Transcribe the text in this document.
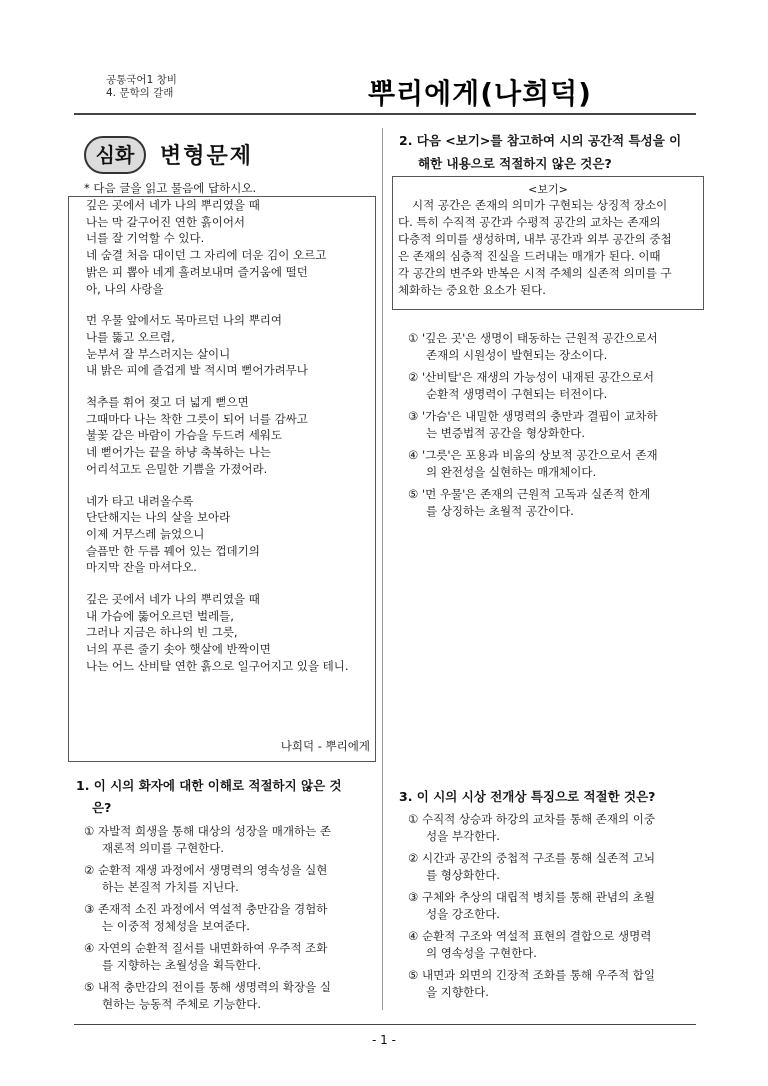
공통국어1 창비
4. 문학의 갈래	뿌리에게(나희덕)
심화	변형문제
* 다음 글을 읽고 물음에 답하시오.
깊은 곳에서 네가 나의 뿌리였을 때
나는 막 갈구어진 연한 흙이어서
너를 잘 기억할 수 있다.
네 숨결 처음 대이던 그 자리에 더운 김이 오르고
밝은 피 뽑아 네게 흘려보내며 즐거움에 떨던
아, 나의 사랑을
먼 우물 앞에서도 목마르던 나의 뿌리여
나를 뚫고 오르렴,
눈부셔 잘 부스러지는 살이니
내 밝은 피에 즐겁게 발 적시며 뻗어가려무나
척추를 휘어 젖고 더 넓게 뻗으면
그때마다 나는 착한 그릇이 되어 너를 감싸고
불꽃 같은 바람이 가슴을 두드려 세워도
네 뻗어가는 끝을 하냥 축복하는 나는
어리석고도 은밀한 기쁨을 가졌어라.
네가 타고 내려올수록
단단해지는 나의 살을 보아라
이제 거무스레 늙었으니
슬픔만 한 두름 꿰어 있는 껍데기의
마지막 잔을 마셔다오.
깊은 곳에서 네가 나의 뿌리였을 때
내 가슴에 뚫어오르던 벌레들,
그러나 지금은 하나의 빈 그릇,
너의 푸른 줄기 솟아 햇살에 반짝이면
나는 어느 산비탈 연한 흙으로 일구어지고 있을 테니.
나희덕 - 뿌리에게
1. 이 시의 화자에 대한 이해로 적절하지 않은 것
은?
① 자발적 희생을 통해 대상의 성장을 매개하는 존
재론적 의미를 구현한다.
② 순환적 재생 과정에서 생명력의 영속성을 실현
하는 본질적 가치를 지닌다.
③ 존재적 소진 과정에서 역설적 충만감을 경험하
는 이중적 정체성을 보여준다.
④ 자연의 순환적 질서를 내면화하여 우주적 조화
를 지향하는 초월성을 획득한다.
⑤ 내적 충만감의 전이를 통해 생명력의 확장을 실
현하는 능동적 주체로 기능한다.
2. 다음 <보기>를 참고하여 시의 공간적 특성을 이
해한 내용으로 적절하지 않은 것은?
<보기>
시적 공간은 존재의 의미가 구현되는 상징적 장소이
다. 특히 수직적 공간과 수평적 공간의 교차는 존재의
다층적 의미를 생성하며, 내부 공간과 외부 공간의 중첩
은 존재의 심층적 진실을 드러내는 매개가 된다. 이때
각 공간의 변주와 반복은 시적 주체의 실존적 의미를 구
체화하는 중요한 요소가 된다.
① '깊은 곳'은 생명이 태동하는 근원적 공간으로서
존재의 시원성이 발현되는 장소이다.
② '산비탈'은 재생의 가능성이 내재된 공간으로서
순환적 생명력이 구현되는 터전이다.
③ '가슴'은 내밀한 생명력의 충만과 결핍이 교차하
는 변증법적 공간을 형상화한다.
④ '그릇'은 포용과 비움의 상보적 공간으로서 존재
의 완전성을 실현하는 매개체이다.
⑤ '먼 우물'은 존재의 근원적 고독과 실존적 한계
를 상징하는 초월적 공간이다.
3. 이 시의 시상 전개상 특징으로 적절한 것은?
① 수직적 상승과 하강의 교차를 통해 존재의 이중
성을 부각한다.
② 시간과 공간의 중첩적 구조를 통해 실존적 고뇌
를 형상화한다.
③ 구체와 추상의 대립적 병치를 통해 관념의 초월
성을 강조한다.
④ 순환적 구조와 역설적 표현의 결합으로 생명력
의 영속성을 구현한다.
⑤ 내면과 외면의 긴장적 조화를 통해 우주적 합일
을 지향한다.
- 1 -
